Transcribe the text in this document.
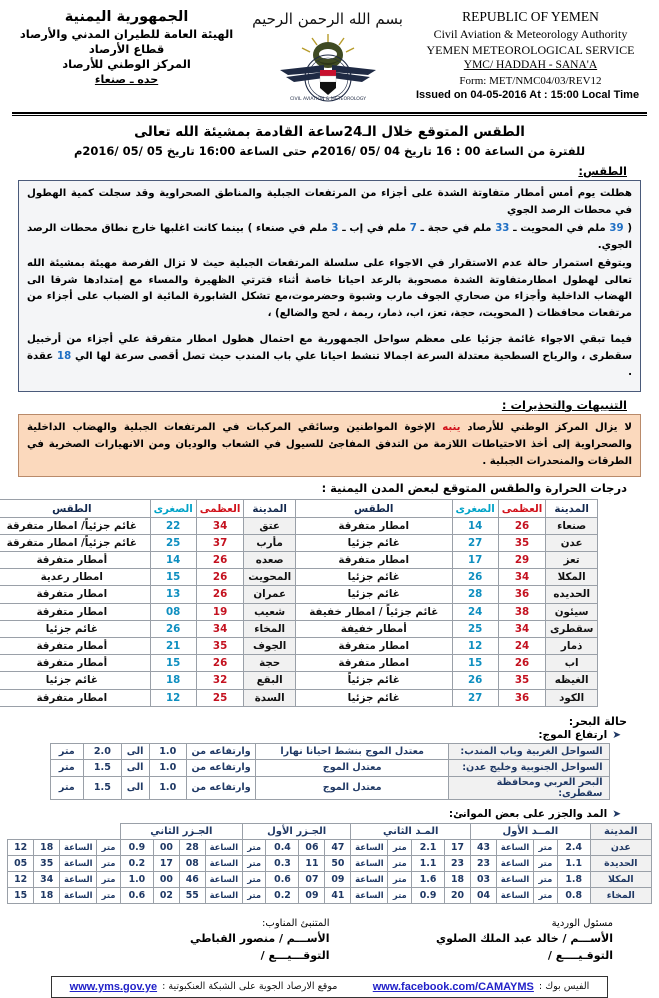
الجمهورية اليمنية
الهيئة العامة للطيران المدني والأرصاد
قطاع الأرصاد
المركز الوطني للأرصاد
حده ـ صنعاء
بسم الله الرحمن الرحيم
CIVIL AVIATION & METEOROLOGY
REPUBLIC OF YEMEN
Civil Aviation & Meteorology Authority
YEMEN METEOROLOGICAL SERVICE
YMC/ HADDAH - SANA'A
Form: MET/NMC04/03/REV12
Issued on 04-05-2016 At : 15:00 Local Time
الطقس المتوقع خلال الـ24ساعة القادمة بمشيئة الله تعالى
للفترة من الساعة 00 : 16 تاريخ 04 /05 /2016م حتى الساعة 16:00 تاريخ 05 /05 /2016م
الطقس:

هطلت يوم أمس أمطار متفاوتة الشدة على أجزاء من المرتفعات الجبلية والمناطق الصحراوية وقد سجلت كمية الهطول في محطات الرصد الجوي

( 39 ملم في المحويت ـ 33 ملم في حجة ـ 7 ملم في إب ـ 3 ملم في صنعاء ) بينما كانت اغلبها خارج نطاق محطات الرصد الجوي.

ويتوقع استمرار حالة عدم الاستقرار في الاجواء على سلسلة المرتفعات الجبلية حيث لا تزال الفرصة مهيئة بمشيئة الله تعالى لهطول امطارمتفاوتة الشدة مصحوبة بالرعد احيانا خاصة أثناء فترتي الظهيرة والمساء مع إمتدادها شرقا الى الهضاب الداخلية وأجزاء من صحاري الجوف مارب وشبوة وحضرموت،مع تشكل الشابورة المائية او الضباب على أجزاء من مرتفعات محافظات ( المحويت، حجة، تعز، اب، ذمار، ريمة ، لحج والضالع) ،

فيما تبقي الاجواء غائمة جزئيا على معظم سواحل الجمهورية مع احتمال هطول امطار متفرقة علي أجزاء من أرخبيل سقطرى ، والرياح السطحية معتدلة السرعة اجمالا تنشط احيانا علي باب المندب حيث تصل أقصى سرعة لها الي 18 عقدة .

التنبيهات والتحذيرات :
لا يزال المركز الوطني للأرصاد ينبه الإخوة المواطنين وسائقي المركبات في المرتفعات الجبلية والهضاب الداخلية والصحراوية إلى أخذ الاحتياطات اللازمة من التدفق المفاجئ للسيول في الشعاب والوديان ومن الانهيارات الصخرية في الطرقات والمنحدرات الجبلية .
درجات الحرارة والطقس المتوقع لبعض المدن اليمنية :
المدينة	العظمى	الصغرى	الطقس	المدينة	العظمى	الصغرى	الطقس
صنعاء	26	14	امطار متفرقة	عتق	34	22	غائم جزئياً/ امطار متفرقة
عدن	35	27	غائم جزئيا	مأرب	37	25	غائم جزئياً/ امطار متفرقة
تعز	29	17	امطار متفرقة	صعده	26	14	أمطار متفرقة
المكلا	34	26	غائم جزئيا	المحويت	26	15	امطار رعدية
الحديده	36	28	غائم جزئيا	عمران	26	13	امطار متفرقة
سيئون	38	24	غائم جزئياً / امطار خفيفة	شعيب	19	08	امطار متفرقة
سقطرى	34	25	أمطار خفيفة	المخاء	34	26	غائم جزئيا
ذمار	24	12	امطار متفرقة	الجوف	35	21	أمطار متفرقة
اب	26	15	امطار متفرقة	حجة	26	15	أمطار متفرقة
الغيظه	35	26	غائم جزئياً	البقع	32	18	غائم جزئيا
الكود	36	27	غائم جزئيا	السدة	25	12	امطار متفرقة
حالة البحر:
➤ارتفاع الموج:
السواحل الغربية وباب المندب:	معتدل الموج بنشط احيانا نهارا	وارتفاعه من	1.0	الى	2.0	متر
السواحل الجنوبية وخليج عدن:	معتدل الموج	وارتفاعه من	1.0	الى	1.5	متر
البحر العربي ومحافظة سقطرى:	معتدل الموج	وارتفاعه من	1.0	الى	1.5	متر
➤المد والجزر على بعض الموانئ:
المدينة	المــد الأول				المـد الثاني				الجـزر الأول				الجـزر الثاني							
عدن	2.4	متر	الساعة	43	17	2.1	متر	الساعة	47	06	0.4	متر	الساعة	28	00	0.9	متر	الساعة	18	12
الحديدة	1.1	متر	الساعة	23	23	1.1	متر	الساعة	50	11	0.3	متر	الساعة	08	17	0.2	متر	الساعة	35	05
المكلا	1.8	متر	الساعة	03	18	1.6	متر	الساعة	09	07	0.6	متر	الساعة	46	00	1.0	متر	الساعة	34	12
المخاء	0.8	متر	الساعة	04	20	0.9	متر	الساعة	41	09	0.2	متر	الساعة	55	02	0.6	متر	الساعة	18	15
المتنبئ المناوب:
الأســـم / منصور القباطي
التوقـــيـــع /
مسئول الوردية
الأســـم / خالد عبد الملك الصلوي
التوقـيــــع /
موقع الارصاد الجوية على الشبكة العنكبوتية :
www.yms.gov.ye	الفيس بوك :
www.facebook.com/CAMAYMS
